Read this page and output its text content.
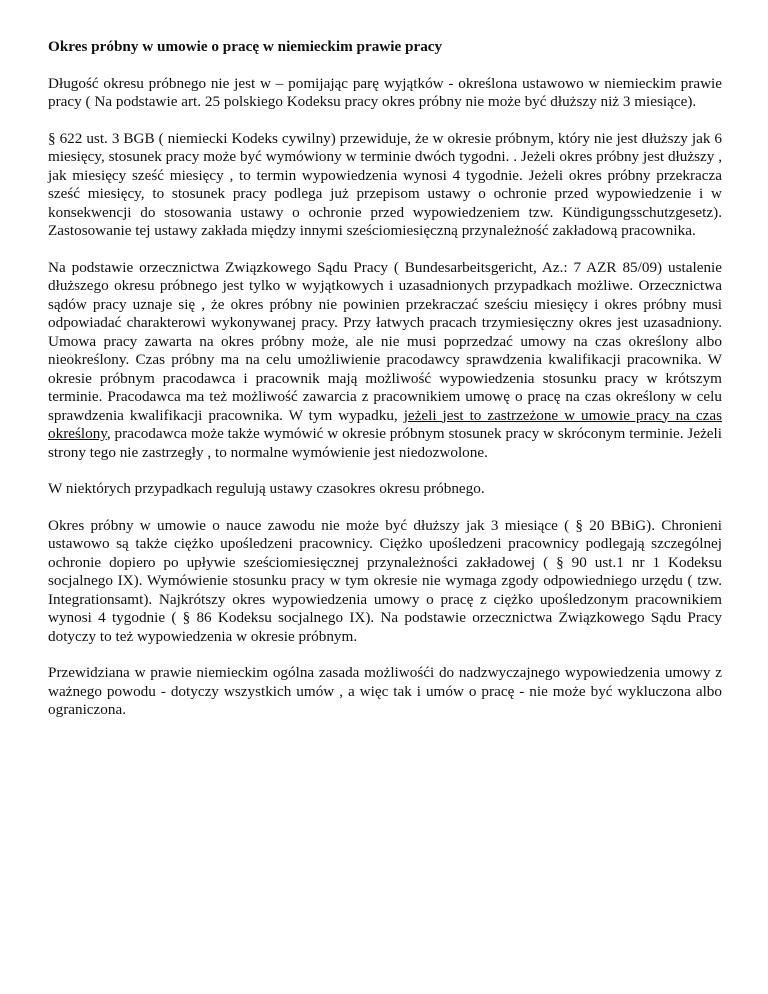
Okres próbny w umowie o pracę w niemieckim prawie pracy

Długość okresu próbnego nie jest w – pomijając parę wyjątków - określona ustawowo w niemieckim prawie pracy ( Na podstawie art. 25 polskiego Kodeksu pracy okres próbny nie może być dłuższy niż 3 miesiące).

§ 622 ust. 3 BGB ( niemiecki Kodeks cywilny) przewiduje, że w okresie próbnym, który nie jest dłuższy jak 6 miesięcy, stosunek pracy może być wymówiony w terminie dwóch tygodni. . Jeżeli okres próbny jest dłuższy , jak miesięcy sześć miesięcy , to termin wypowiedzenia wynosi 4 tygodnie. Jeżeli okres próbny przekracza sześć miesięcy, to stosunek pracy podlega już przepisom ustawy o ochronie przed wypowiedzenie i w konsekwencji do stosowania ustawy o ochronie przed wypowiedzeniem tzw. Kündigungsschutzgesetz). Zastosowanie tej ustawy zakłada między innymi sześciomiesięczną przynależność zakładową pracownika.

Na podstawie orzecznictwa Związkowego Sądu Pracy ( Bundesarbeitsgericht, Az.: 7 AZR 85/09) ustalenie dłuższego okresu próbnego jest tylko w wyjątkowych i uzasadnionych przypadkach możliwe. Orzecznictwa sądów pracy uznaje się , że okres próbny nie powinien przekraczać sześciu miesięcy i okres próbny musi odpowiadać charakterowi wykonywanej pracy. Przy łatwych pracach trzymiesięczny okres jest uzasadniony. Umowa pracy zawarta na okres próbny może, ale nie musi poprzedzać umowy na czas określony albo nieokreślony. Czas próbny ma na celu umożliwienie pracodawcy sprawdzenia kwalifikacji pracownika. W okresie próbnym pracodawca i pracownik mają możliwość wypowiedzenia stosunku pracy w krótszym terminie. Pracodawca ma też możliwość zawarcia z pracownikiem umowę o pracę na czas określony w celu sprawdzenia kwalifikacji pracownika. W tym wypadku, jeżeli jest to zastrzeżone w umowie pracy na czas określony, pracodawca może także wymówić w okresie próbnym stosunek pracy w skróconym terminie. Jeżeli strony tego nie zastrzegły , to normalne wymówienie jest niedozwolone.

W niektórych przypadkach regulują ustawy czasokres okresu próbnego.

Okres próbny w umowie o nauce zawodu nie może być dłuższy jak 3 miesiące ( § 20 BBiG). Chronieni ustawowo są także ciężko upośledzeni pracownicy. Ciężko upośledzeni pracownicy podlegają szczególnej ochronie dopiero po upływie sześciomiesięcznej przynależności zakładowej ( § 90 ust.1 nr 1 Kodeksu socjalnego IX). Wymówienie stosunku pracy w tym okresie nie wymaga zgody odpowiedniego urzędu ( tzw. Integrationsamt). Najkrótszy okres wypowiedzenia umowy o pracę z ciężko upośledzonym pracownikiem wynosi 4 tygodnie ( § 86 Kodeksu socjalnego IX). Na podstawie orzecznictwa Związkowego Sądu Pracy dotyczy to też wypowiedzenia w okresie próbnym.

Przewidziana w prawie niemieckim ogólna zasada możliwośći do nadzwyczajnego wypowiedzenia umowy z ważnego powodu - dotyczy wszystkich umów , a więc tak i umów o pracę - nie może być wykluczona albo ograniczona.
